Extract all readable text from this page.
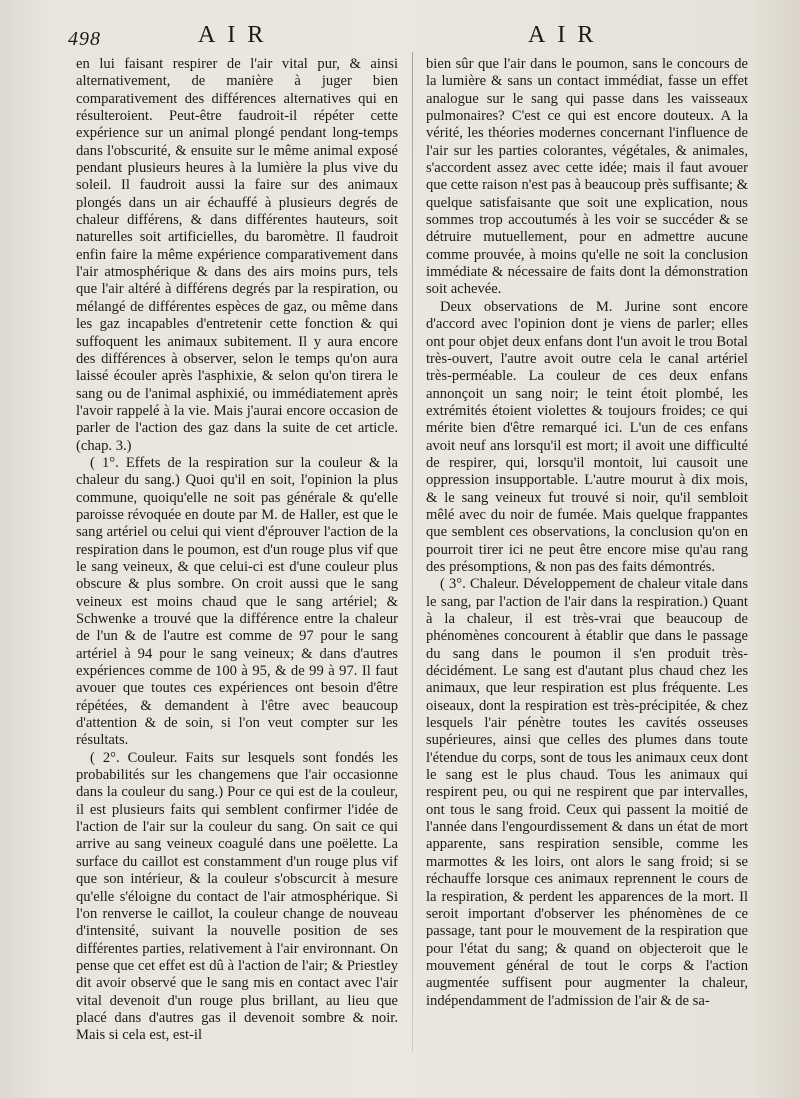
498	AIR	AIR

en lui faisant respirer de l'air vital pur, & ainsi alternativement, de manière à juger bien comparativement des différences alternatives qui en résulteroient. Peut-être faudroit-il répéter cette expérience sur un animal plongé pendant long-temps dans l'obscurité, & ensuite sur le même animal exposé pendant plusieurs heures à la lumière la plus vive du soleil. Il faudroit aussi la faire sur des animaux plongés dans un air échauffé à plusieurs degrés de chaleur différens, & dans différentes hauteurs, soit naturelles soit artificielles, du baromètre. Il faudroit enfin faire la même expérience comparativement dans l'air atmosphérique & dans des airs moins purs, tels que l'air altéré à différens degrés par la respiration, ou mélangé de différentes espèces de gaz, ou même dans les gaz incapables d'entretenir cette fonction & qui suffoquent les animaux subitement. Il y aura encore des différences à observer, selon le temps qu'on aura laissé écouler après l'asphixie, & selon qu'on tirera le sang ou de l'animal asphixié, ou immédiatement après l'avoir rappelé à la vie. Mais j'aurai encore occasion de parler de l'action des gaz dans la suite de cet article. (chap. 3.)

( 1°. Effets de la respiration sur la couleur & la chaleur du sang.) Quoi qu'il en soit, l'opinion la plus commune, quoiqu'elle ne soit pas générale & qu'elle paroisse révoquée en doute par M. de Haller, est que le sang artériel ou celui qui vient d'éprouver l'action de la respiration dans le poumon, est d'un rouge plus vif que le sang veineux, & que celui-ci est d'une couleur plus obscure & plus sombre. On croit aussi que le sang veineux est moins chaud que le sang artériel; & Schwenke a trouvé que la différence entre la chaleur de l'un & de l'autre est comme de 97 pour le sang artériel à 94 pour le sang veineux; & dans d'autres expériences comme de 100 à 95, & de 99 à 97. Il faut avouer que toutes ces expériences ont besoin d'être répétées, & demandent à l'être avec beaucoup d'attention & de soin, si l'on veut compter sur les résultats.

( 2°. Couleur. Faits sur lesquels sont fondés les probabilités sur les changemens que l'air occasionne dans la couleur du sang.) Pour ce qui est de la couleur, il est plusieurs faits qui semblent confirmer l'idée de l'action de l'air sur la couleur du sang. On sait ce qui arrive au sang veineux coagulé dans une poëlette. La surface du caillot est constamment d'un rouge plus vif que son intérieur, & la couleur s'obscurcit à mesure qu'elle s'éloigne du contact de l'air atmosphérique. Si l'on renverse le caillot, la couleur change de nouveau d'intensité, suivant la nouvelle position de ses différentes parties, relativement à l'air environnant. On pense que cet effet est dû à l'action de l'air; & Priestley dit avoir observé que le sang mis en contact avec l'air vital devenoit d'un rouge plus brillant, au lieu que placé dans d'autres gas il devenoit sombre & noir. Mais si cela est, est-il

bien sûr que l'air dans le poumon, sans le concours de la lumière & sans un contact immédiat, fasse un effet analogue sur le sang qui passe dans les vaisseaux pulmonaires? C'est ce qui est encore douteux. A la vérité, les théories modernes concernant l'influence de l'air sur les parties colorantes, végétales, & animales, s'accordent assez avec cette idée; mais il faut avouer que cette raison n'est pas à beaucoup près suffisante; & quelque satisfaisante que soit une explication, nous sommes trop accoutumés à les voir se succéder & se détruire mutuellement, pour en admettre aucune comme prouvée, à moins qu'elle ne soit la conclusion immédiate & nécessaire de faits dont la démonstration soit achevée.

Deux observations de M. Jurine sont encore d'accord avec l'opinion dont je viens de parler; elles ont pour objet deux enfans dont l'un avoit le trou Botal très-ouvert, l'autre avoit outre cela le canal artériel très-perméable. La couleur de ces deux enfans annonçoit un sang noir; le teint étoit plombé, les extrémités étoient violettes & toujours froides; ce qui mérite bien d'être remarqué ici. L'un de ces enfans avoit neuf ans lorsqu'il est mort; il avoit une difficulté de respirer, qui, lorsqu'il montoit, lui causoit une oppression insupportable. L'autre mourut à dix mois, & le sang veineux fut trouvé si noir, qu'il sembloit mêlé avec du noir de fumée. Mais quelque frappantes que semblent ces observations, la conclusion qu'on en pourroit tirer ici ne peut être encore mise qu'au rang des présomptions, & non pas des faits démontrés.

( 3°. Chaleur. Développement de chaleur vitale dans le sang, par l'action de l'air dans la respiration.) Quant à la chaleur, il est très-vrai que beaucoup de phénomènes concourent à établir que dans le passage du sang dans le poumon il s'en produit très-décidément. Le sang est d'autant plus chaud chez les animaux, que leur respiration est plus fréquente. Les oiseaux, dont la respiration est très-précipitée, & chez lesquels l'air pénètre toutes les cavités osseuses supérieures, ainsi que celles des plumes dans toute l'étendue du corps, sont de tous les animaux ceux dont le sang est le plus chaud. Tous les animaux qui respirent peu, ou qui ne respirent que par intervalles, ont tous le sang froid. Ceux qui passent la moitié de l'année dans l'engourdissement & dans un état de mort apparente, sans respiration sensible, comme les marmottes & les loirs, ont alors le sang froid; si se réchauffe lorsque ces animaux reprennent le cours de la respiration, & perdent les apparences de la mort. Il seroit important d'observer les phénomènes de ce passage, tant pour le mouvement de la respiration que pour l'état du sang; & quand on objecteroit que le mouvement général de tout le corps & l'action augmentée suffisent pour augmenter la chaleur, indépendamment de l'admission de l'air & de sa-
